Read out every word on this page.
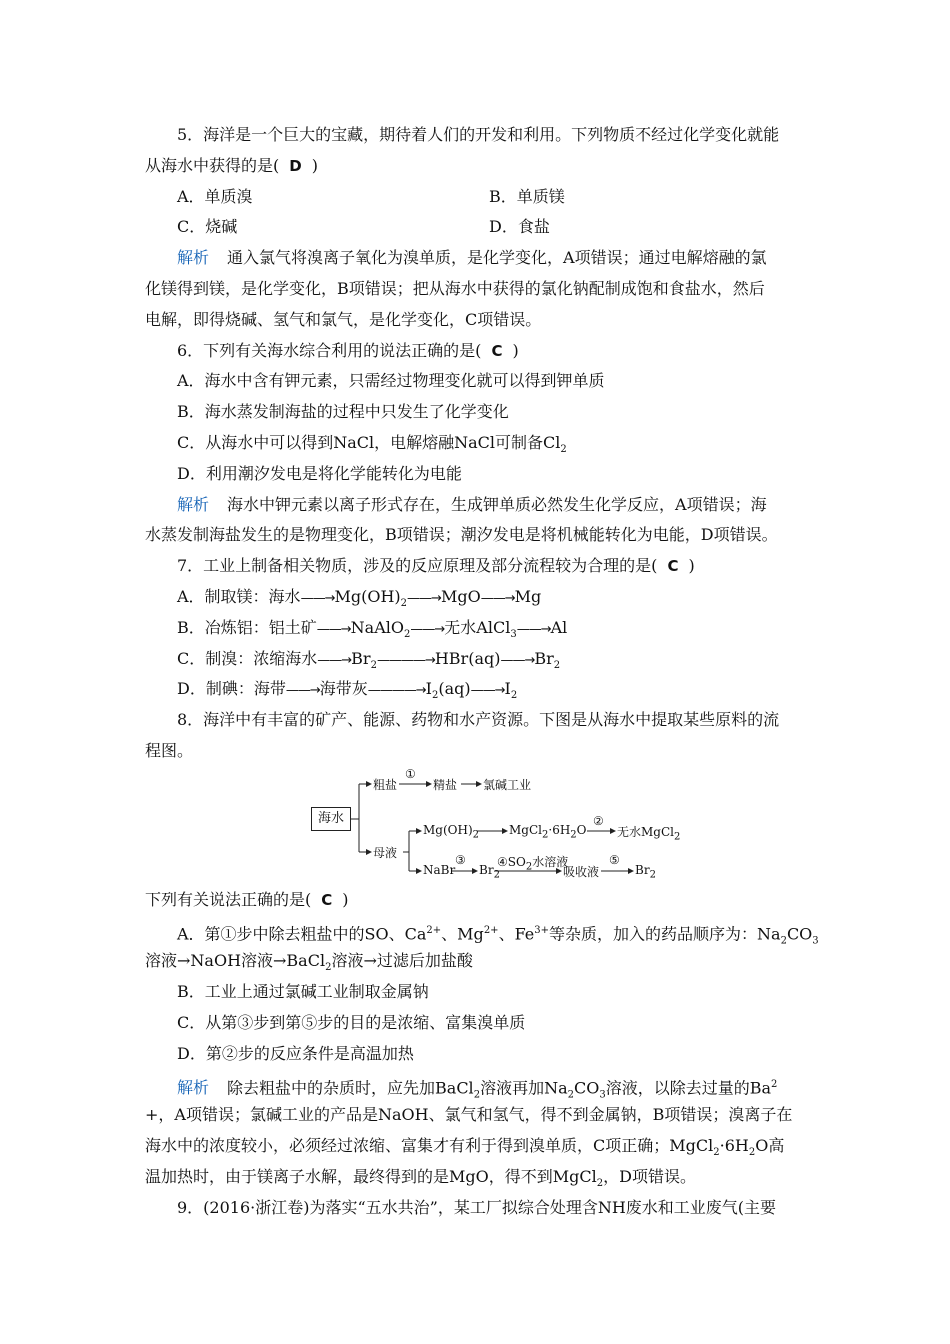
5．海洋是一个巨大的宝藏，期待着人们的开发和利用。下列物质不经过化学变化就能
从海水中获得的是( D )
A．单质溴	B．单质镁
C．烧碱	D．食盐
解析 通入氯气将溴离子氧化为溴单质，是化学变化，A项错误；通过电解熔融的氯
化镁得到镁，是化学变化，B项错误；把从海水中获得的氯化钠配制成饱和食盐水，然后
电解，即得烧碱、氢气和氯气，是化学变化，C项错误。
6．下列有关海水综合利用的说法正确的是( C )
A．海水中含有钾元素，只需经过物理变化就可以得到钾单质
B．海水蒸发制海盐的过程中只发生了化学变化
C．从海水中可以得到NaCl，电解熔融NaCl可制备$Cl_2$
D．利用潮汐发电是将化学能转化为电能
解析 海水中钾元素以离子形式存在，生成钾单质必然发生化学反应，A项错误；海
水蒸发制海盐发生的是物理变化，B项错误；潮汐发电是将机械能转化为电能，D项错误。
7．工业上制备相关物质，涉及的反应原理及部分流程较为合理的是( C )
A．制取镁：海水$——\to Mg(OH)_2——\to MgO——\to Mg$
B．冶炼铝：铝土矿——→NaAlO$_2$——→无水AlCl$_3$——→Al
C．制溴：浓缩海水$——\to Br_2————\to HBr(aq)——\to Br_2$
D．制碘：海带——→海带灰$————\to I_2(aq)——\to I_2$
8．海洋中有丰富的矿产、能源、药物和水产资源。下图是从海水中提取某些原料的流
程图。
海水
粗盐
①
精盐 氯碱工业
母液
$Mg(OH)_2$ $MgCl_2\cdot 6H_2O$
②
无水MgCl$_2$
NaBr
③
$Br_2$
$④SO_2$水溶液
吸收液
⑤
$Br_2$
下列有关说法正确的是( C )
A．第①步中除去粗盐中的SO、$Ca^{2+}$、$Mg^{2+}$、$Fe^{3+}$等杂质，加入的药品顺序为：$Na_2CO_3$
溶液→NaOH溶液→BaCl$_2$溶液→过滤后加盐酸
B．工业上通过氯碱工业制取金属钠
C．从第③步到第⑤步的目的是浓缩、富集溴单质
D．第②步的反应条件是高温加热
解析 除去粗盐中的杂质时，应先加BaCl$_2$溶液再加$Na_2CO_3$溶液，以除去过量的$Ba^2$
+，A项错误；氯碱工业的产品是NaOH、氯气和氢气，得不到金属钠，B项错误；溴离子在
海水中的浓度较小，必须经过浓缩、富集才有利于得到溴单质，C项正确；$MgCl_2\cdot 6H_2O$高
温加热时，由于镁离子水解，最终得到的是MgO，得不到MgCl$_2$，D项错误。
9．(2016·浙江卷)为落实“五水共治”，某工厂拟综合处理含NH废水和工业废气(主要
